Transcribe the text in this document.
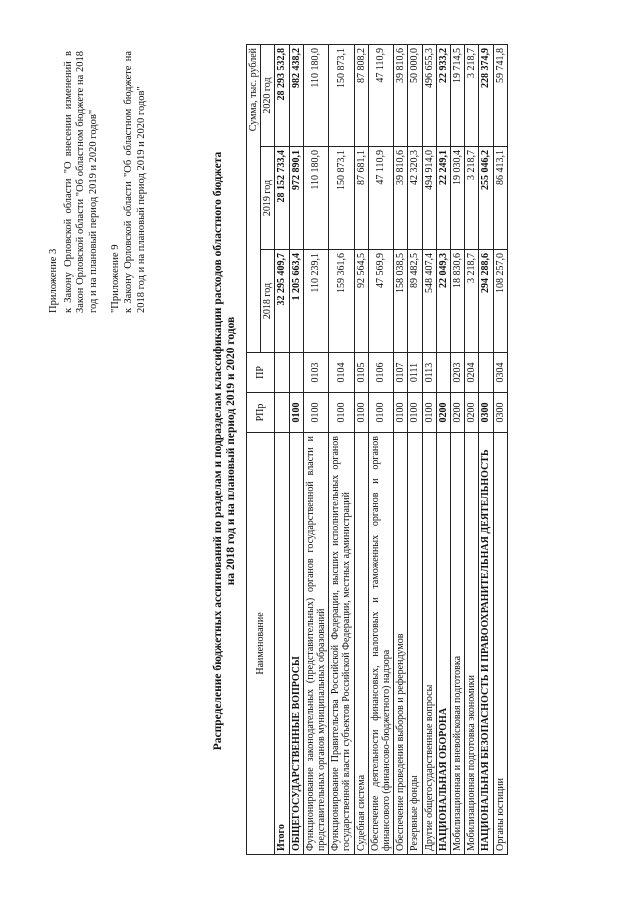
Приложение 3 к Закону Орловской области "О внесении изменений в Закон Орловской области "Об областном бюджете на 2018 год и на плановый период 2019 и 2020 годов" "Приложение 9 к Закону Орловской области "Об областном бюджете на 2018 год и на плановый период 2019 и 2020 годов"	Распределение бюджетных ассигнований по разделам и подразделам классификации расходов областного бюджета на 2018 год и на плановый период 2019 и 2020 годов
Наименование	РПр	ПР	Сумма, тыс. рублей		
			2018 год	2019 год	2020 год
Итого			32 295 409,7	28 152 733,4	28 293 532,8
ОБЩЕГОСУДАРСТВЕННЫЕ ВОПРОСЫ	0100		1 205 663,4	972 890,1	982 438,2
Функционирование законодательных (представительных) органов государственной власти и представительных органов муниципальных образований	0100	0103	110 239,1	110 180,0	110 180,0
Функционирование Правительства Российской Федерации, высших исполнительных органов государственной власти субъектов Российской Федерации, местных администраций	0100	0104	159 361,6	150 873,1	150 873,1
Судебная система	0100	0105	92 564,5	87 681,1	87 808,2
Обеспечение деятельности финансовых, налоговых и таможенных органов и органов финансового (финансово-бюджетного) надзора	0100	0106	47 569,9	47 110,9	47 110,9
Обеспечение проведения выборов и референдумов	0100	0107	158 038,5	39 810,6	39 810,6
Резервные фонды	0100	0111	89 482,5	42 320,3	50 000,0
Другие общегосударственные вопросы	0100	0113	548 407,4	494 914,0	496 655,3
НАЦИОНАЛЬНАЯ ОБОРОНА	0200		22 049,3	22 249,1	22 933,2
Мобилизационная и вневойсковая подготовка	0200	0203	18 830,6	19 030,4	19 714,5
Мобилизационная подготовка экономики	0200	0204	3 218,7	3 218,7	3 218,7
НАЦИОНАЛЬНАЯ БЕЗОПАСНОСТЬ И ПРАВООХРАНИТЕЛЬНАЯ ДЕЯТЕЛЬНОСТЬ	0300		294 288,6	255 046,2	228 374,9
Органы юстиции	0300	0304	108 257,0	86 413,1	59 741,8
